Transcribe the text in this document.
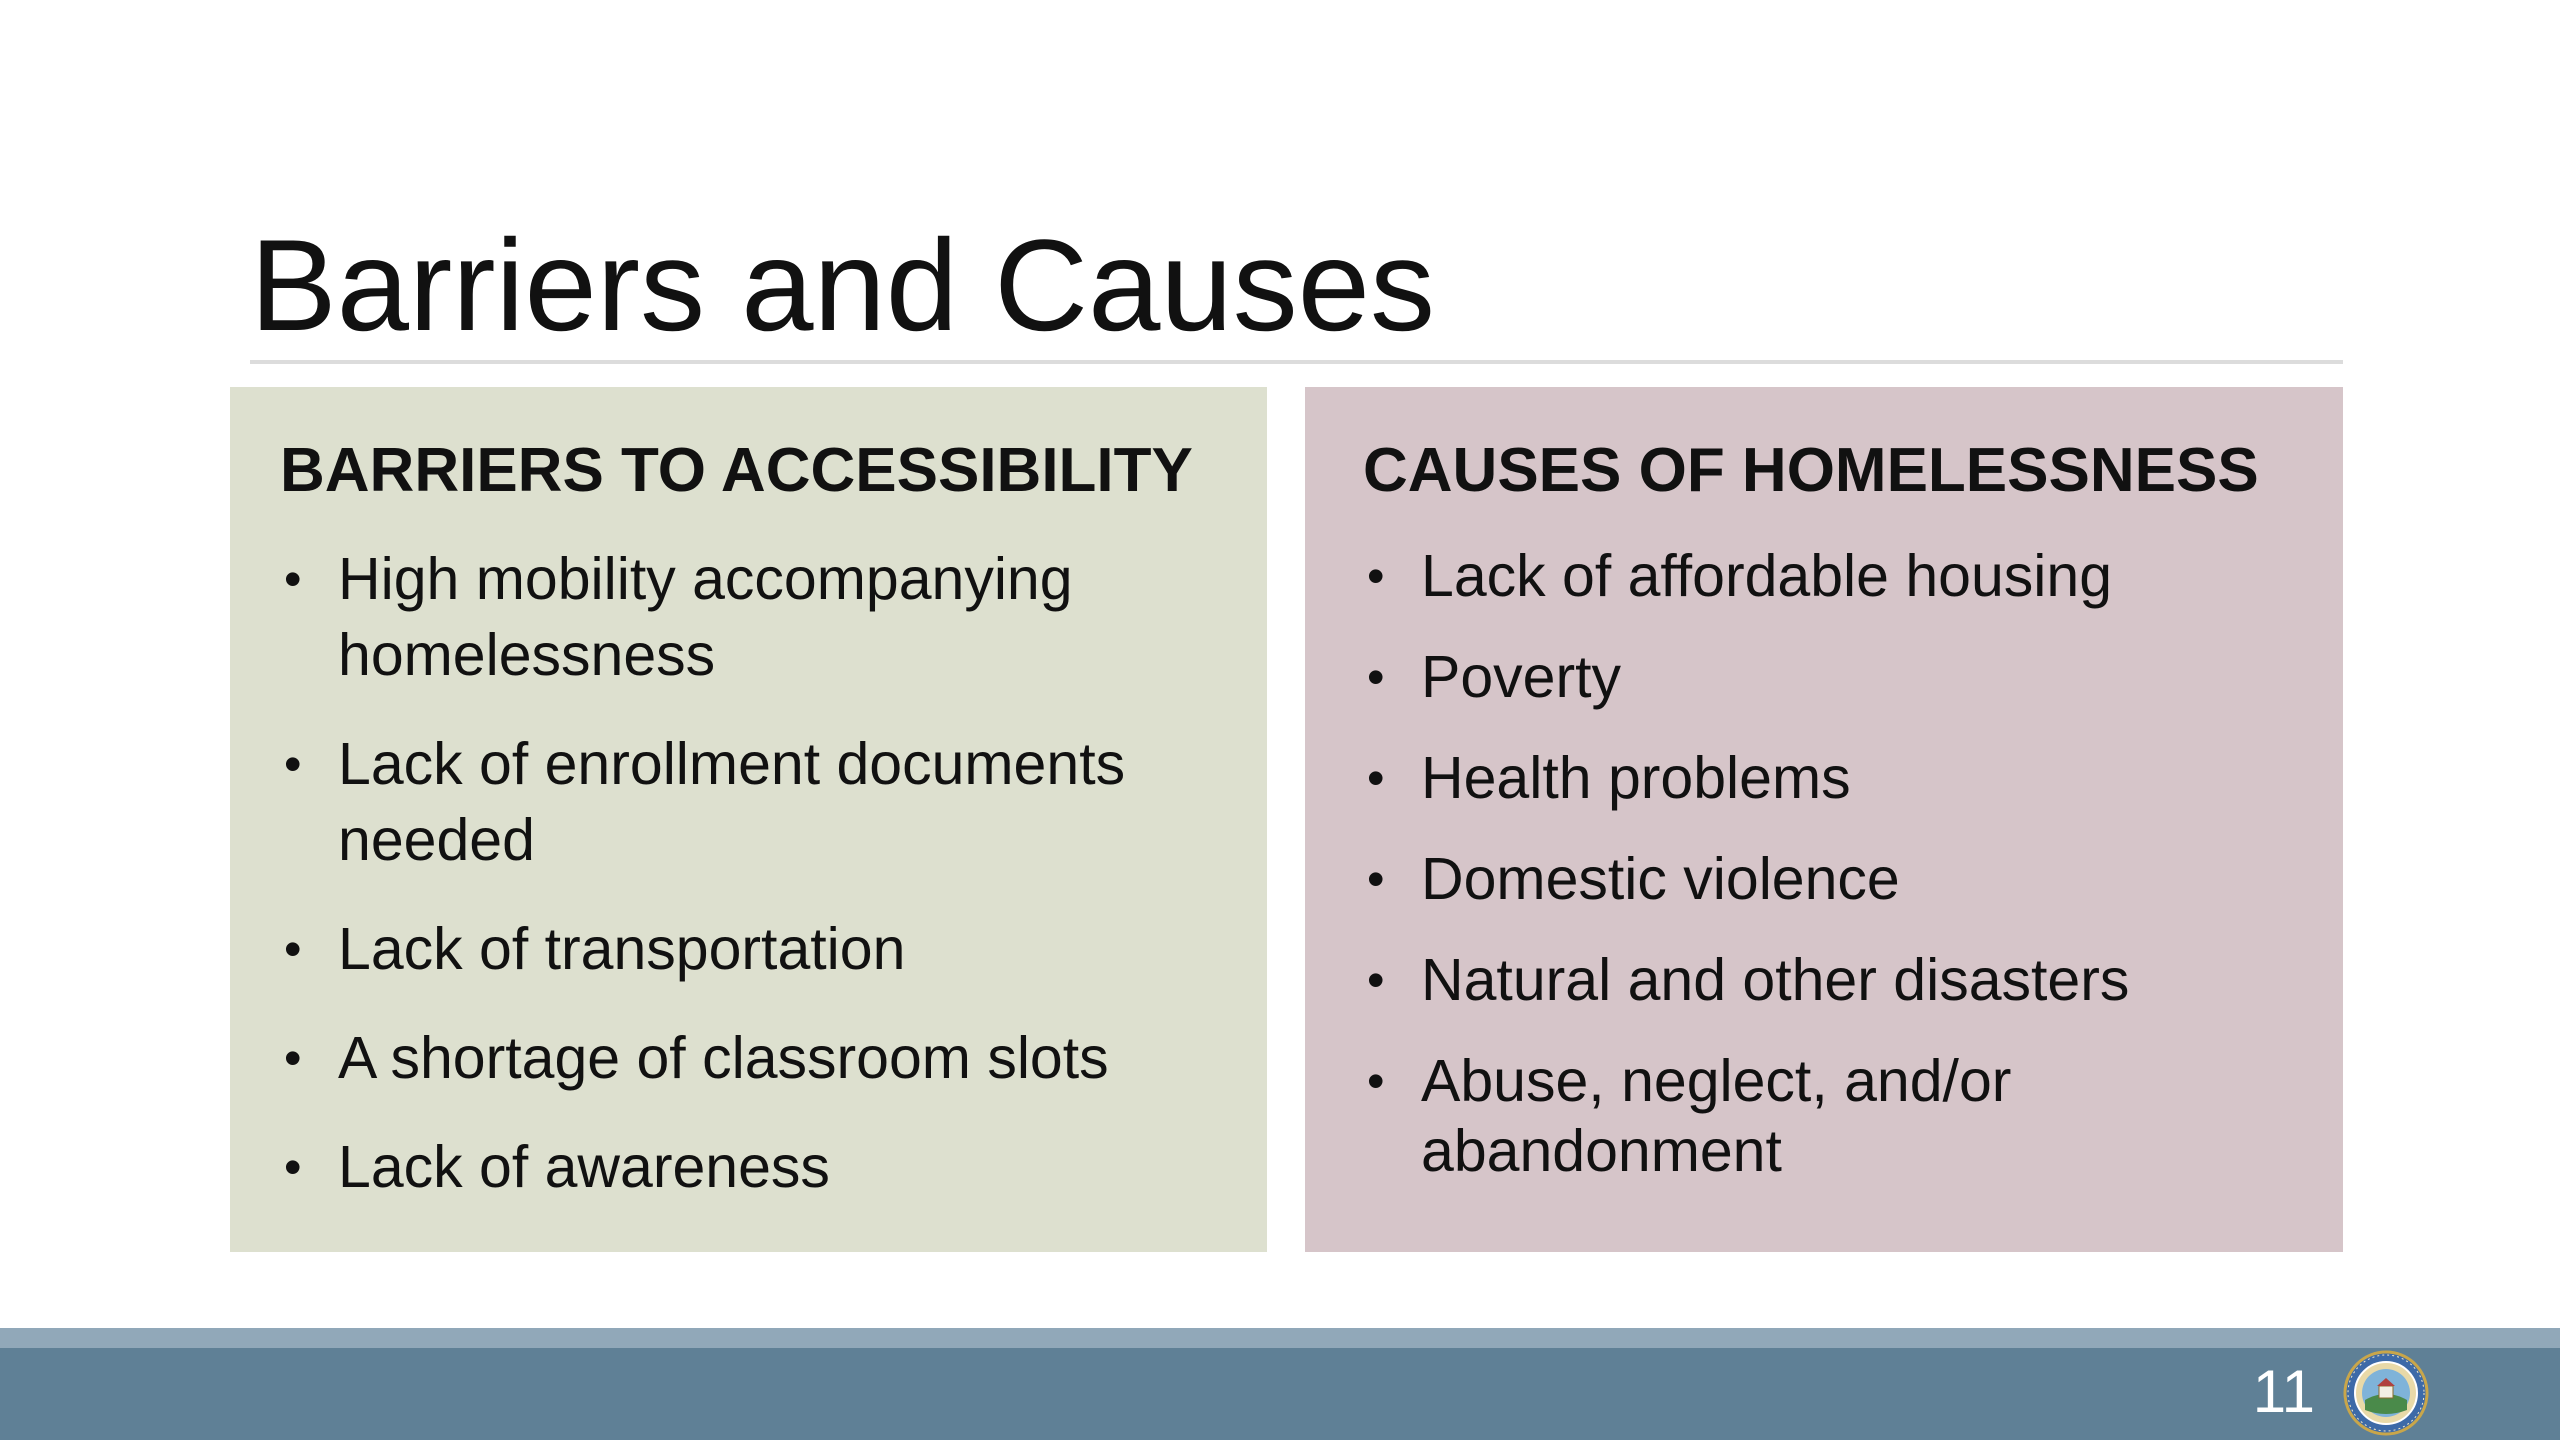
Barriers and Causes
BARRIERS TO ACCESSIBILITY
• High mobility accompanying homelessness
• Lack of enrollment documents needed
• Lack of transportation
• A shortage of classroom slots
• Lack of awareness
CAUSES OF HOMELESSNESS
• Lack of affordable housing
• Poverty
• Health problems
• Domestic violence
• Natural and other disasters
• Abuse, neglect, and/or abandonment
11
